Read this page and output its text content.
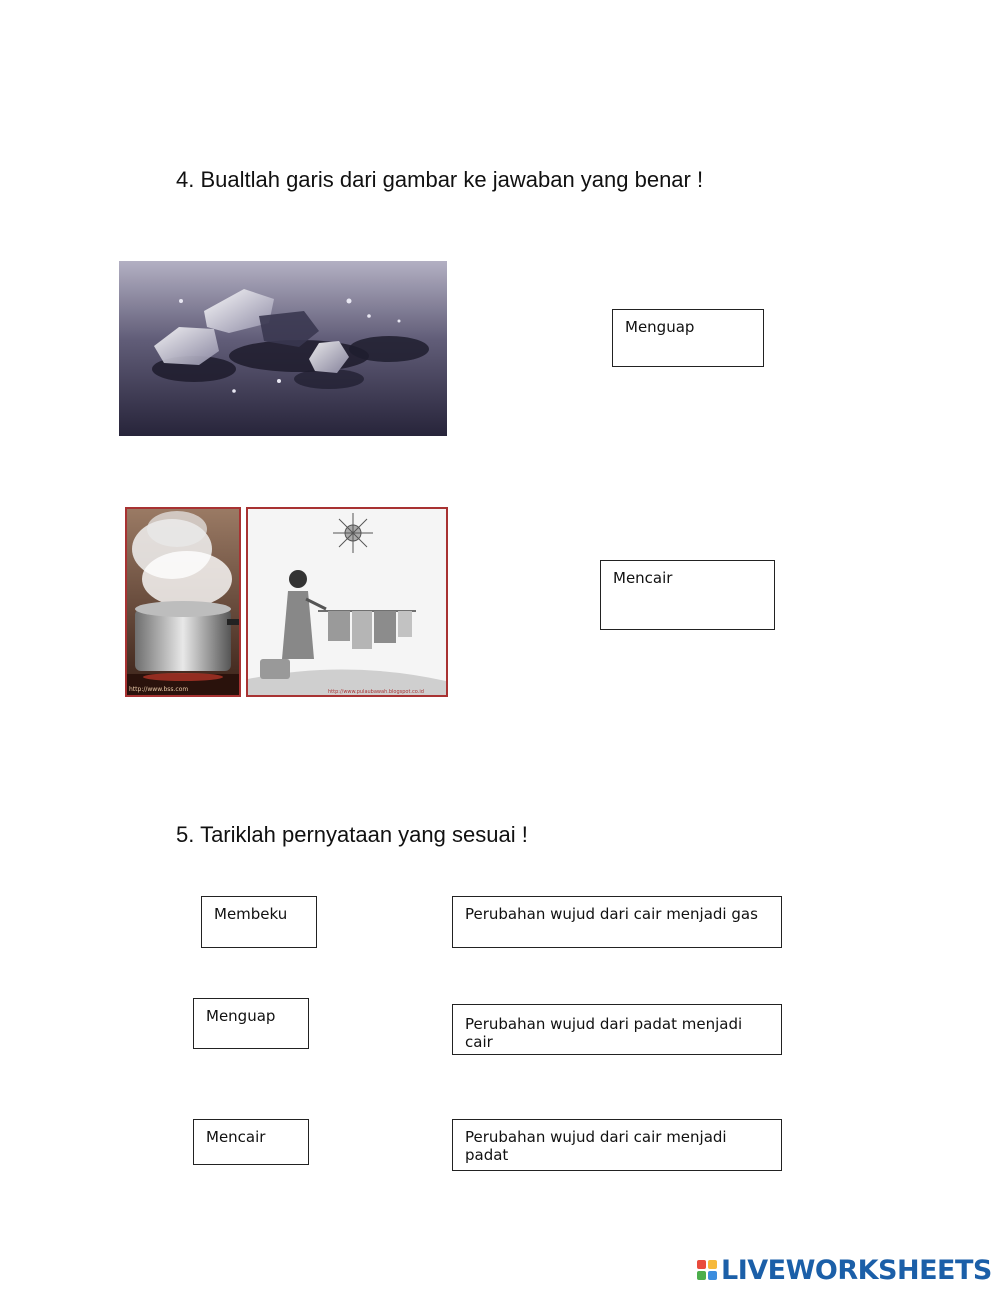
4. Bualtlah garis dari gambar ke jawaban yang benar !
http://www.pulaubawah.blogspot.co.id
http://www.bss.com
Menguap
Mencair
5. Tariklah pernyataan yang sesuai !
Membeku
Menguap
Mencair
Perubahan wujud dari cair menjadi gas
Perubahan wujud dari padat menjadi cair
Perubahan wujud dari cair menjadi padat
LIVEWORKSHEETS
